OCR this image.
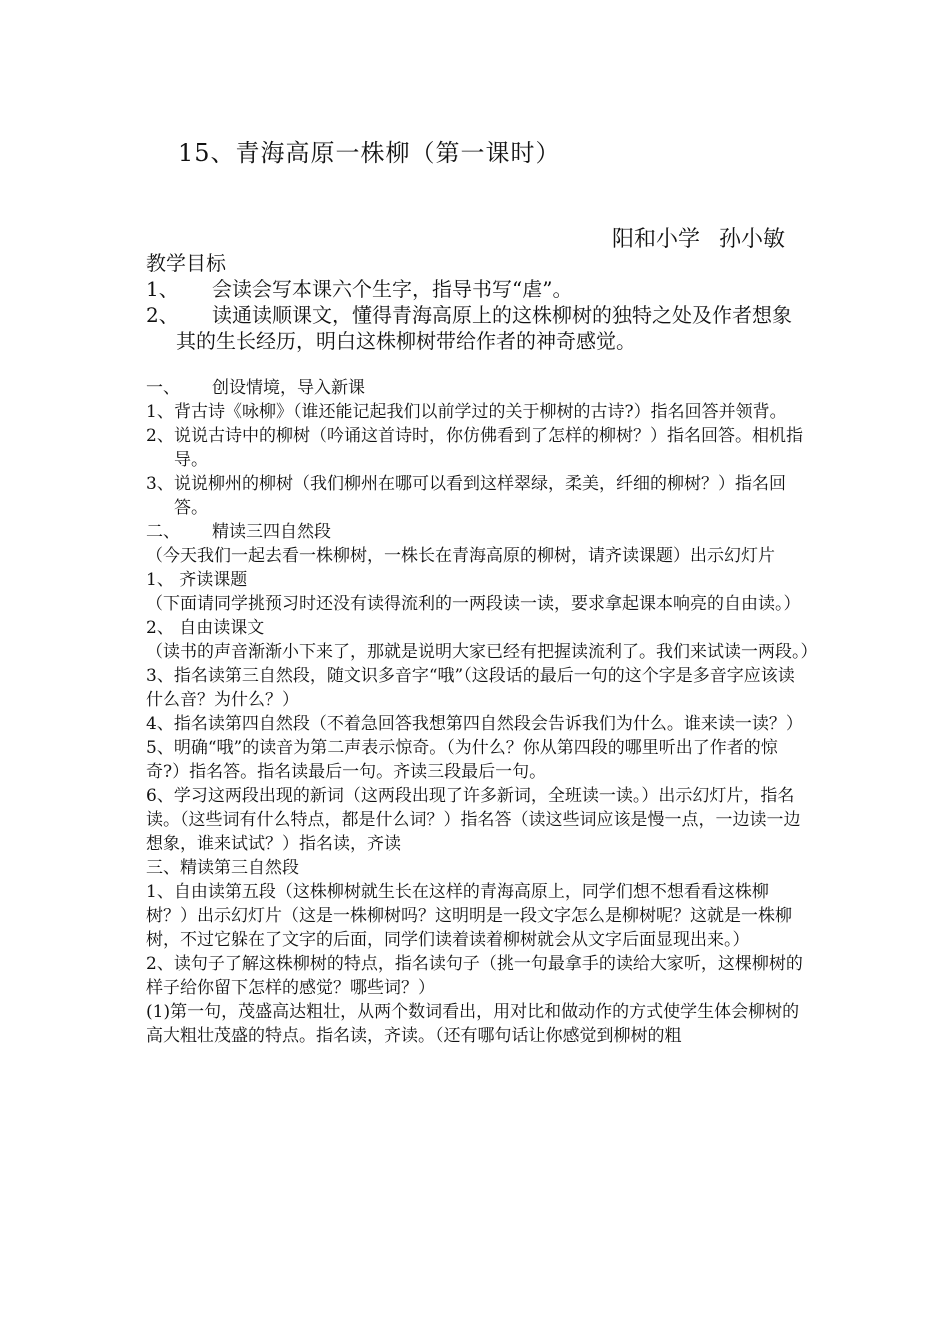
15、青海高原一株柳（第一课时）
阳和小学 孙小敏

教学目标

1、 会读会写本课六个生字，指导书写“虐”。

2、 读通读顺课文，懂得青海高原上的这株柳树的独特之处及作者想象其的生长经历，明白这株柳树带给作者的神奇感觉。

一、 创设情境，导入新课

1、背古诗《咏柳》（谁还能记起我们以前学过的关于柳树的古诗?）指名回答并领背。

2、说说古诗中的柳树（吟诵这首诗时，你仿佛看到了怎样的柳树？）指名回答。相机指导。

3、说说柳州的柳树（我们柳州在哪可以看到这样翠绿，柔美，纤细的柳树？）指名回答。

二、 精读三四自然段

（今天我们一起去看一株柳树，一株长在青海高原的柳树，请齐读课题）出示幻灯片

1、 齐读课题

（下面请同学挑预习时还没有读得流利的一两段读一读，要求拿起课本响亮的自由读。）

2、 自由读课文

（读书的声音渐渐小下来了，那就是说明大家已经有把握读流利了。我们来试读一两段。）

3、指名读第三自然段，随文识多音字“哦”（这段话的最后一句的这个字是多音字应该读什么音？为什么？）

4、指名读第四自然段（不着急回答我想第四自然段会告诉我们为什么。谁来读一读？）

5、明确“哦”的读音为第二声表示惊奇。（为什么？你从第四段的哪里听出了作者的惊奇?）指名答。指名读最后一句。齐读三段最后一句。

6、学习这两段出现的新词（这两段出现了许多新词，全班读一读。）出示幻灯片，指名读。（这些词有什么特点，都是什么词？）指名答（读这些词应该是慢一点，一边读一边想象，谁来试试？）指名读，齐读

三、精读第三自然段

1、自由读第五段（这株柳树就生长在这样的青海高原上，同学们想不想看看这株柳树？）出示幻灯片（这是一株柳树吗？这明明是一段文字怎么是柳树呢？这就是一株柳树，不过它躲在了文字的后面，同学们读着读着柳树就会从文字后面显现出来。）

2、读句子了解这株柳树的特点，指名读句子（挑一句最拿手的读给大家听，这棵柳树的样子给你留下怎样的感觉？哪些词？）

(1)第一句，茂盛高达粗壮，从两个数词看出，用对比和做动作的方式使学生体会柳树的高大粗壮茂盛的特点。指名读，齐读。（还有哪句话让你感觉到柳树的粗
